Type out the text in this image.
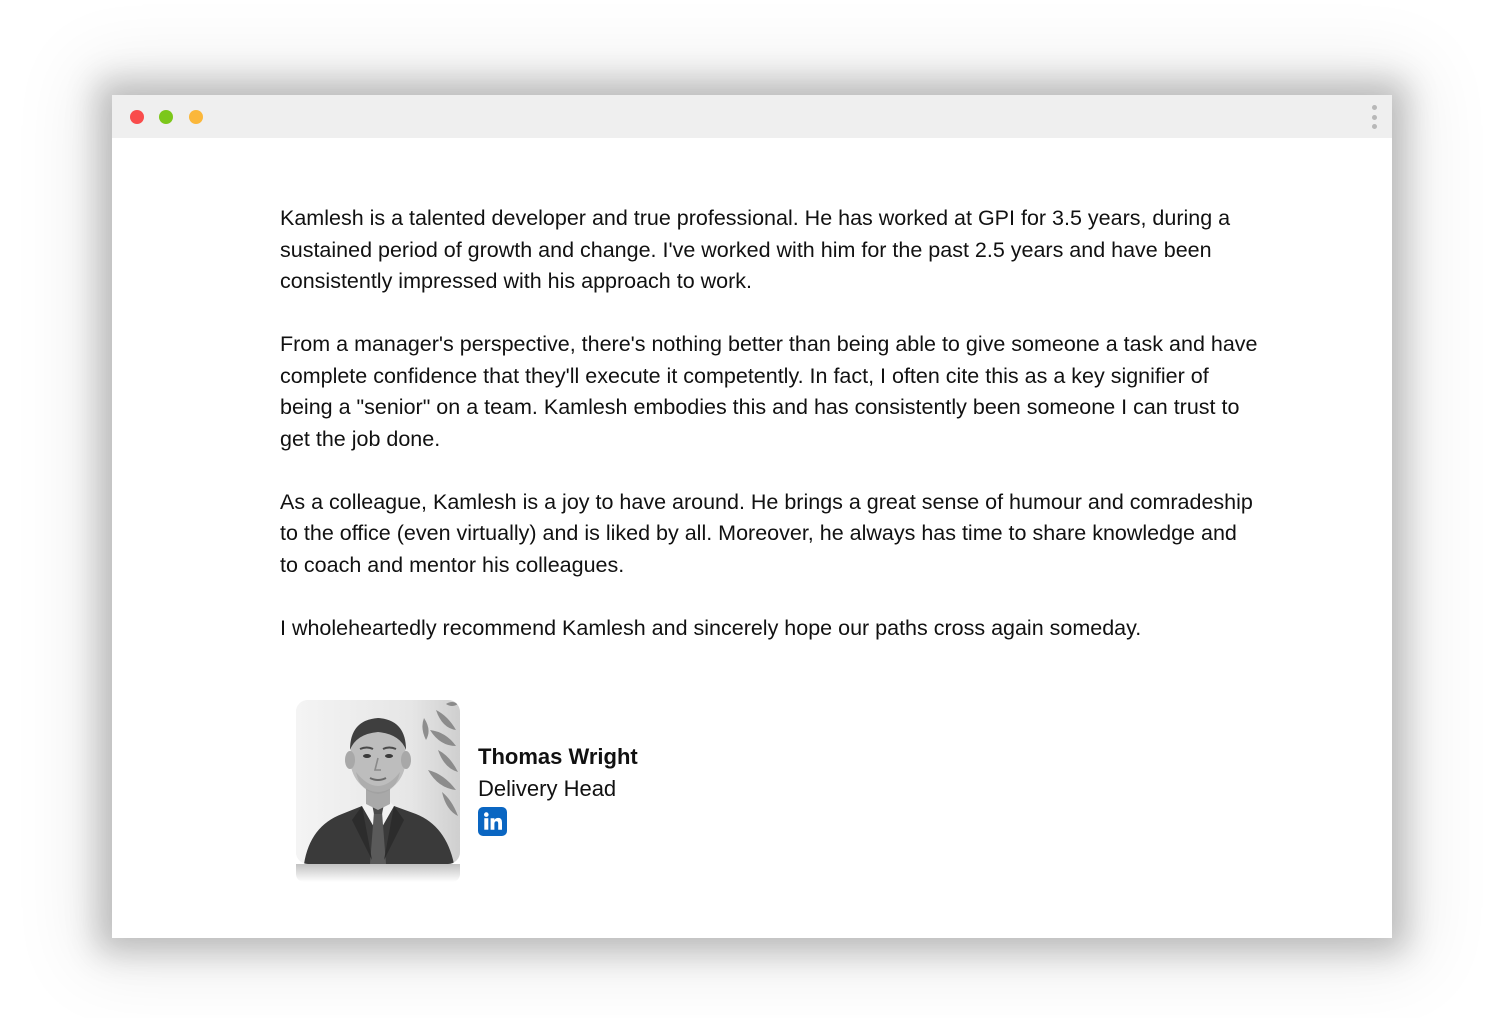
Kamlesh is a talented developer and true professional. He has worked at GPI for 3.5 years, during a sustained period of growth and change. I've worked with him for the past 2.5 years and have been consistently impressed with his approach to work.

From a manager's perspective, there's nothing better than being able to give someone a task and have complete confidence that they'll execute it competently. In fact, I often cite this as a key signifier of being a "senior" on a team. Kamlesh embodies this and has consistently been someone I can trust to get the job done.

As a colleague, Kamlesh is a joy to have around. He brings a great sense of humour and comradeship to the office (even virtually) and is liked by all. Moreover, he always has time to share knowledge and to coach and mentor his colleagues.

I wholeheartedly recommend Kamlesh and sincerely hope our paths cross again someday.

Thomas Wright
Delivery Head
